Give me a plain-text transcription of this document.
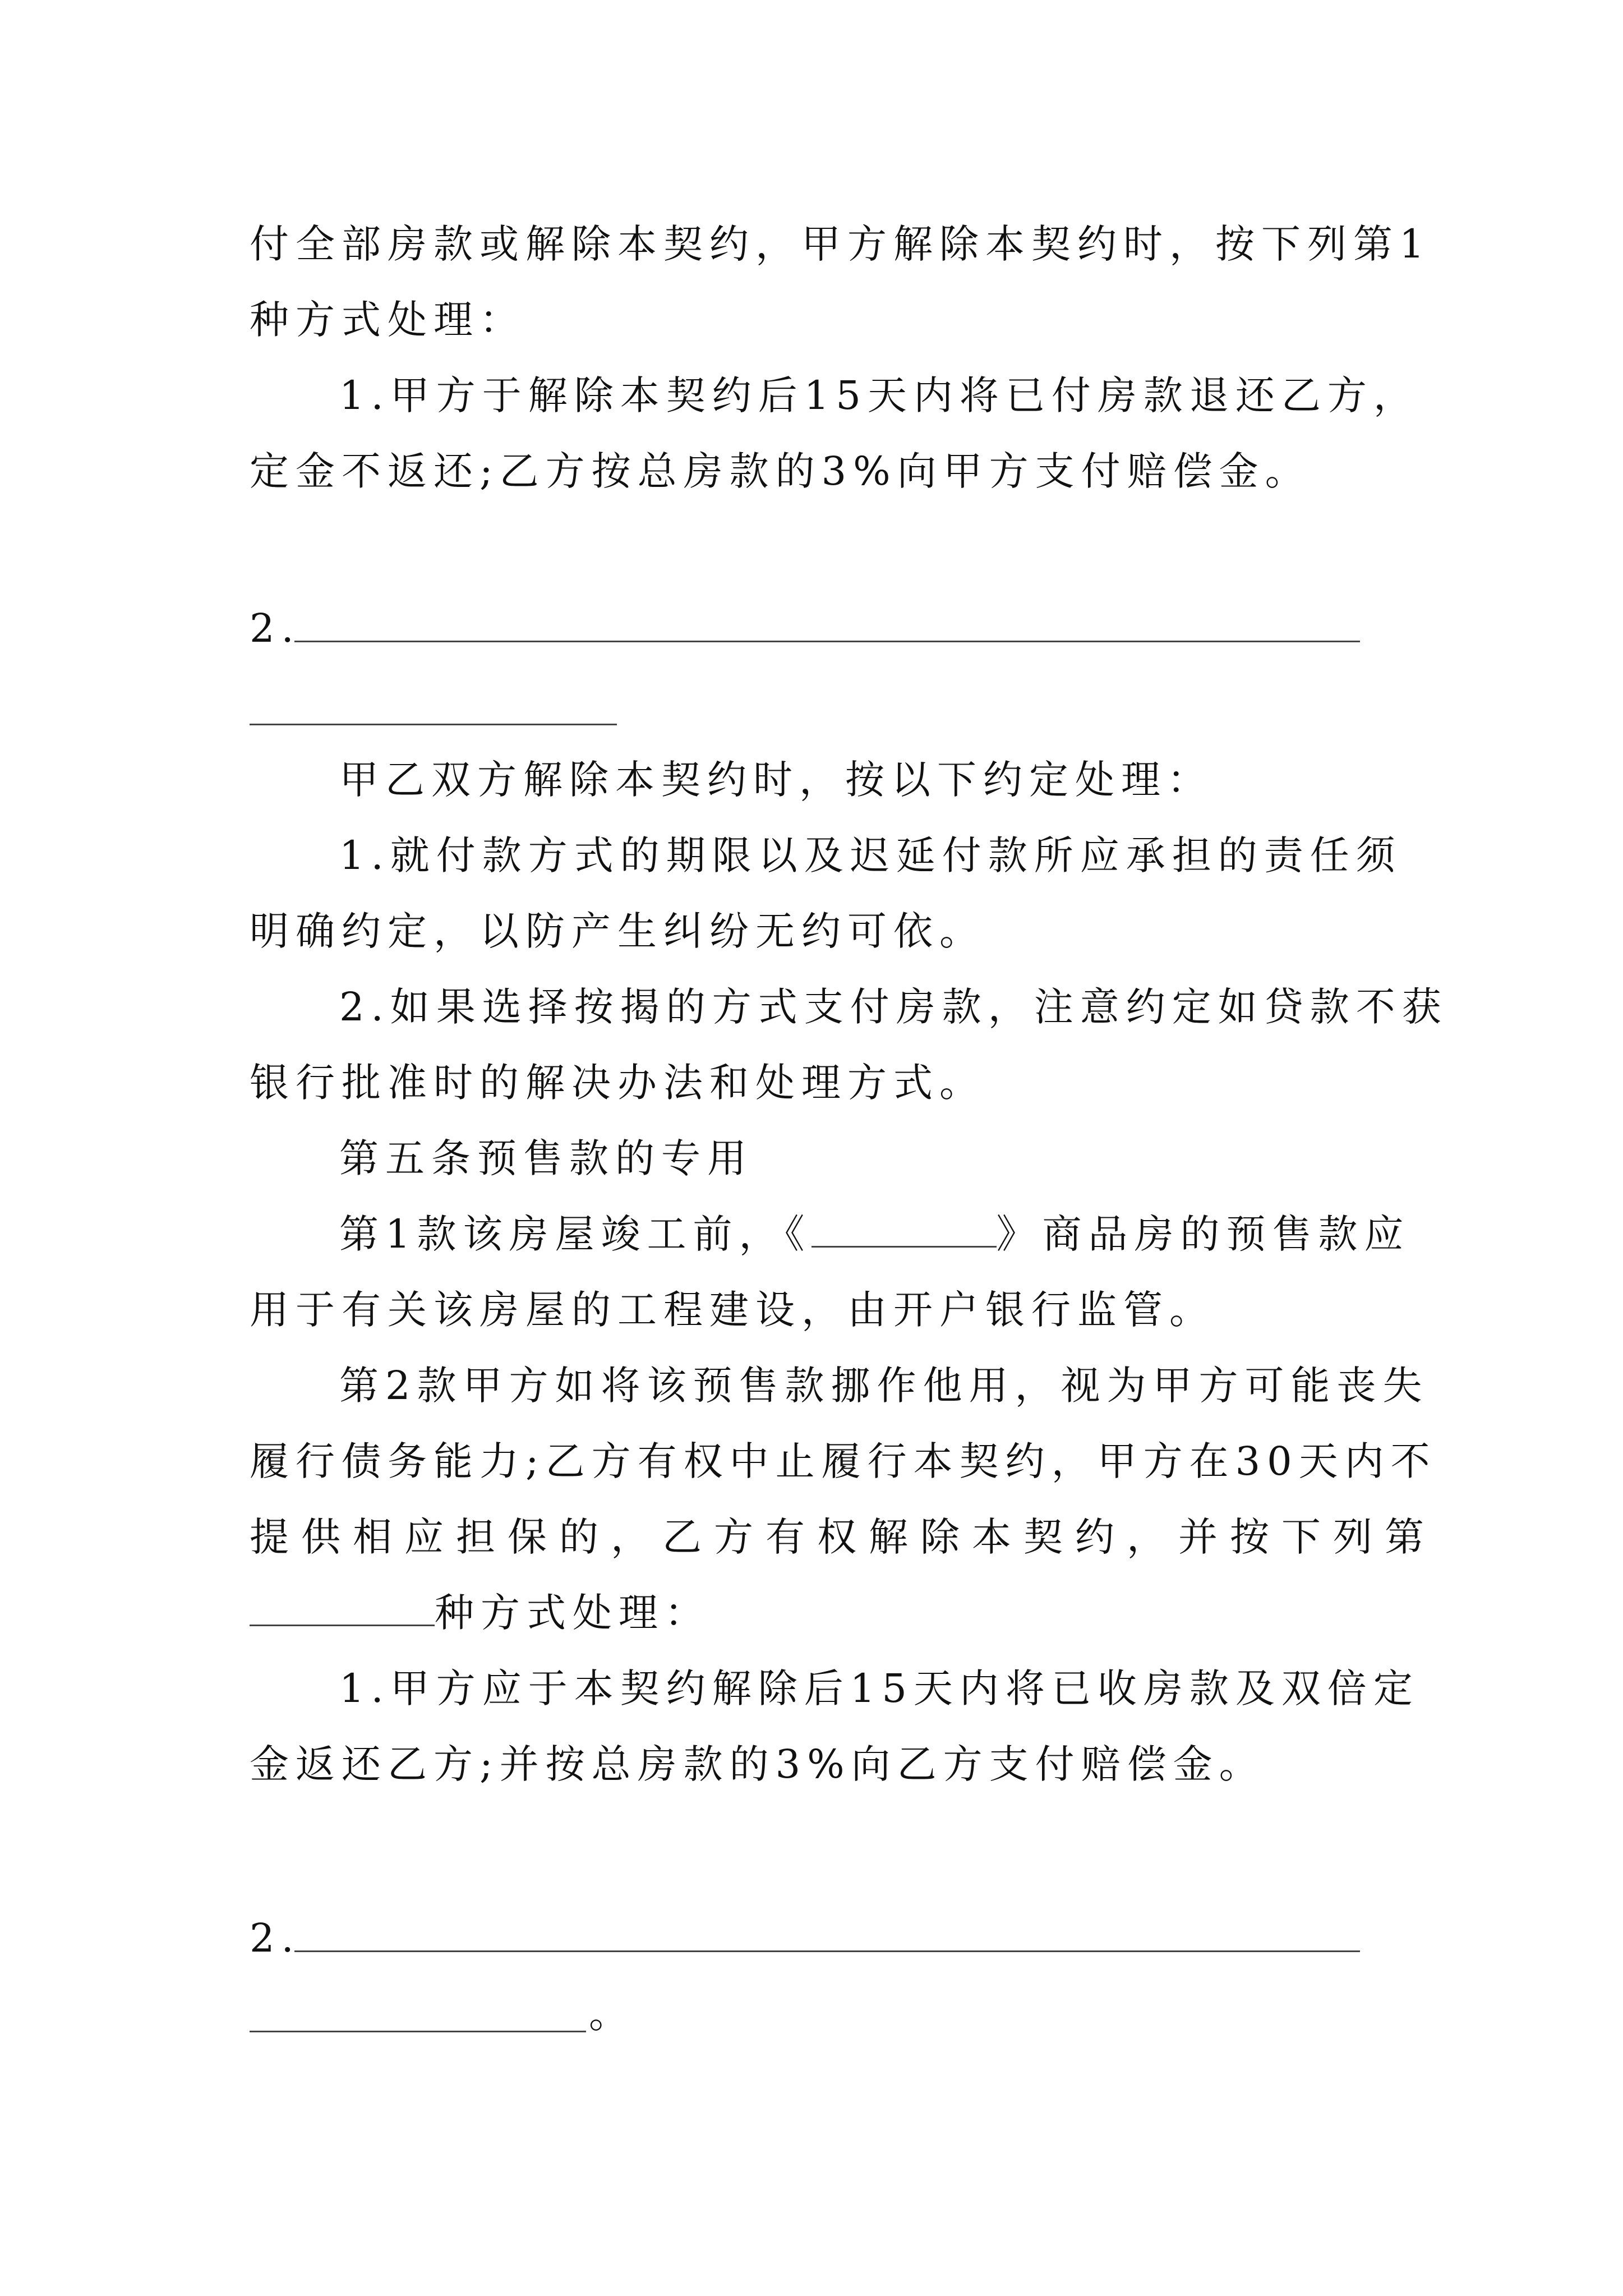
付全部房款或解除本契约，甲方解除本契约时，按下列第1

种方式处理：

1.甲方于解除本契约后15天内将已付房款退还乙方，

定金不返还;乙方按总房款的3%向甲方支付赔偿金。

2.

甲乙双方解除本契约时，按以下约定处理：

1.就付款方式的期限以及迟延付款所应承担的责任须

明确约定，以防产生纠纷无约可依。

2.如果选择按揭的方式支付房款，注意约定如贷款不获

银行批准时的解决办法和处理方式。

第五条预售款的专用

第1款该房屋竣工前，《	》商品房的预售款应

用于有关该房屋的工程建设，由开户银行监管。

第2款甲方如将该预售款挪作他用，视为甲方可能丧失

履行债务能力;乙方有权中止履行本契约，甲方在30天内不

提供相应担保的，乙方有权解除本契约，并按下列第

种方式处理：

1.甲方应于本契约解除后15天内将已收房款及双倍定

金返还乙方;并按总房款的3%向乙方支付赔偿金。

2.

。
